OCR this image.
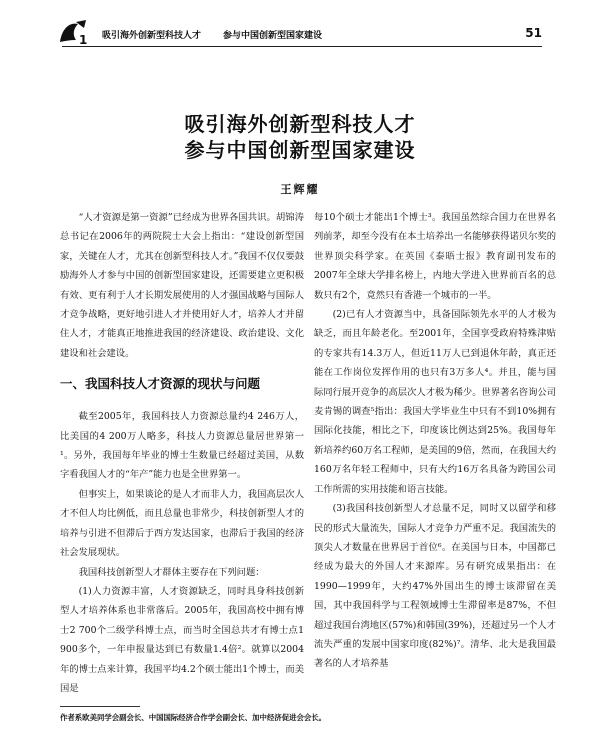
1 吸引海外创新型科技人才 参与中国创新型国家建设	51
吸引海外创新型科技人才
参与中国创新型国家建设
王辉耀

“人才资源是第一资源”已经成为世界各国共识。胡锦涛总书记在2006年的两院院士大会上指出：“建设创新型国家，关键在人才，尤其在创新型科技人才。”我国不仅仅要鼓励海外人才参与中国的创新型国家建设，还需要建立更积极有效、更有利于人才长期发展使用的人才强国战略与国际人才竞争战略，更好地引进人才并使用好人才，培养人才并留住人才，才能真正地推进我国的经济建设、政治建设、文化建设和社会建设。

一、我国科技人才资源的现状与问题

截至2005年，我国科技人力资源总量约4 246万人，比美国的4 200万人略多，科技人力资源总量居世界第一¹。另外，我国每年毕业的博士生数量已经超过美国，从数字看我国人才的“年产”能力也是全世界第一。

但事实上，如果谈论的是人才而非人力，我国高层次人才不但人均比例低，而且总量也非常少，科技创新型人才的培养与引进不但滞后于西方发达国家，也滞后于我国的经济社会发展现状。

我国科技创新型人才群体主要存在下列问题：

(1)人力资源丰富，人才资源缺乏，同时具身科技创新型人才培养体系也非常落后。2005年，我国高校中拥有博士2 700个二级学科博士点，而当时全国总共才有博士点1 900多个，一年申报量达到已有数量1.4倍²。就算以2004年的博士点来计算，我国平均4.2个硕士能出1个博士，而美国是

每10个硕士才能出1个博士³。我国虽然综合国力在世界名列前茅，却至今没有在本土培养出一名能够获得诺贝尔奖的世界顶尖科学家。在英国《泰晤士报》教育副刊发布的2007年全球大学排名榜上，内地大学进入世界前百名的总数只有2个，竟然只有香港一个城市的一半。

(2)已有人才资源当中，具备国际领先水平的人才极为缺乏，而且年龄老化。至2001年，全国享受政府特殊津贴的专家共有14.3万人，但近11万人已到退休年龄，真正还能在工作岗位发挥作用的也只有3万多人⁴。并且，能与国际同行展开竞争的高层次人才极为稀少。世界著名咨询公司麦肯锡的调查⁵指出：我国大学毕业生中只有不到10%拥有国际化技能，相比之下，印度该比例达到25%。我国每年新培养约60万名工程师，是美国的9倍，然而，在我国大约160万名年轻工程师中，只有大约16万名具备为跨国公司工作所需的实用技能和语言技能。

(3)我国科技创新型人才总量不足，同时又以留学和移民的形式大量流失，国际人才竞争力严重不足。我国流失的顶尖人才数量在世界居于首位⁶。在美国与日本，中国都已经成为最大的外国人才来源库。另有研究成果指出：在1990—1999年，大约47%外国出生的博士该滞留在美国，其中我国科学与工程领域博士生滞留率是87%，不但超过我国台湾地区(57%)和韩国(39%)，还超过另一个人才流失严重的发展中国家印度(82%)⁷。清华、北大是我国最著名的人才培养基

作者系欧美同学会副会长、中国国际经济合作学会副会长、加中经济促进会会长。
